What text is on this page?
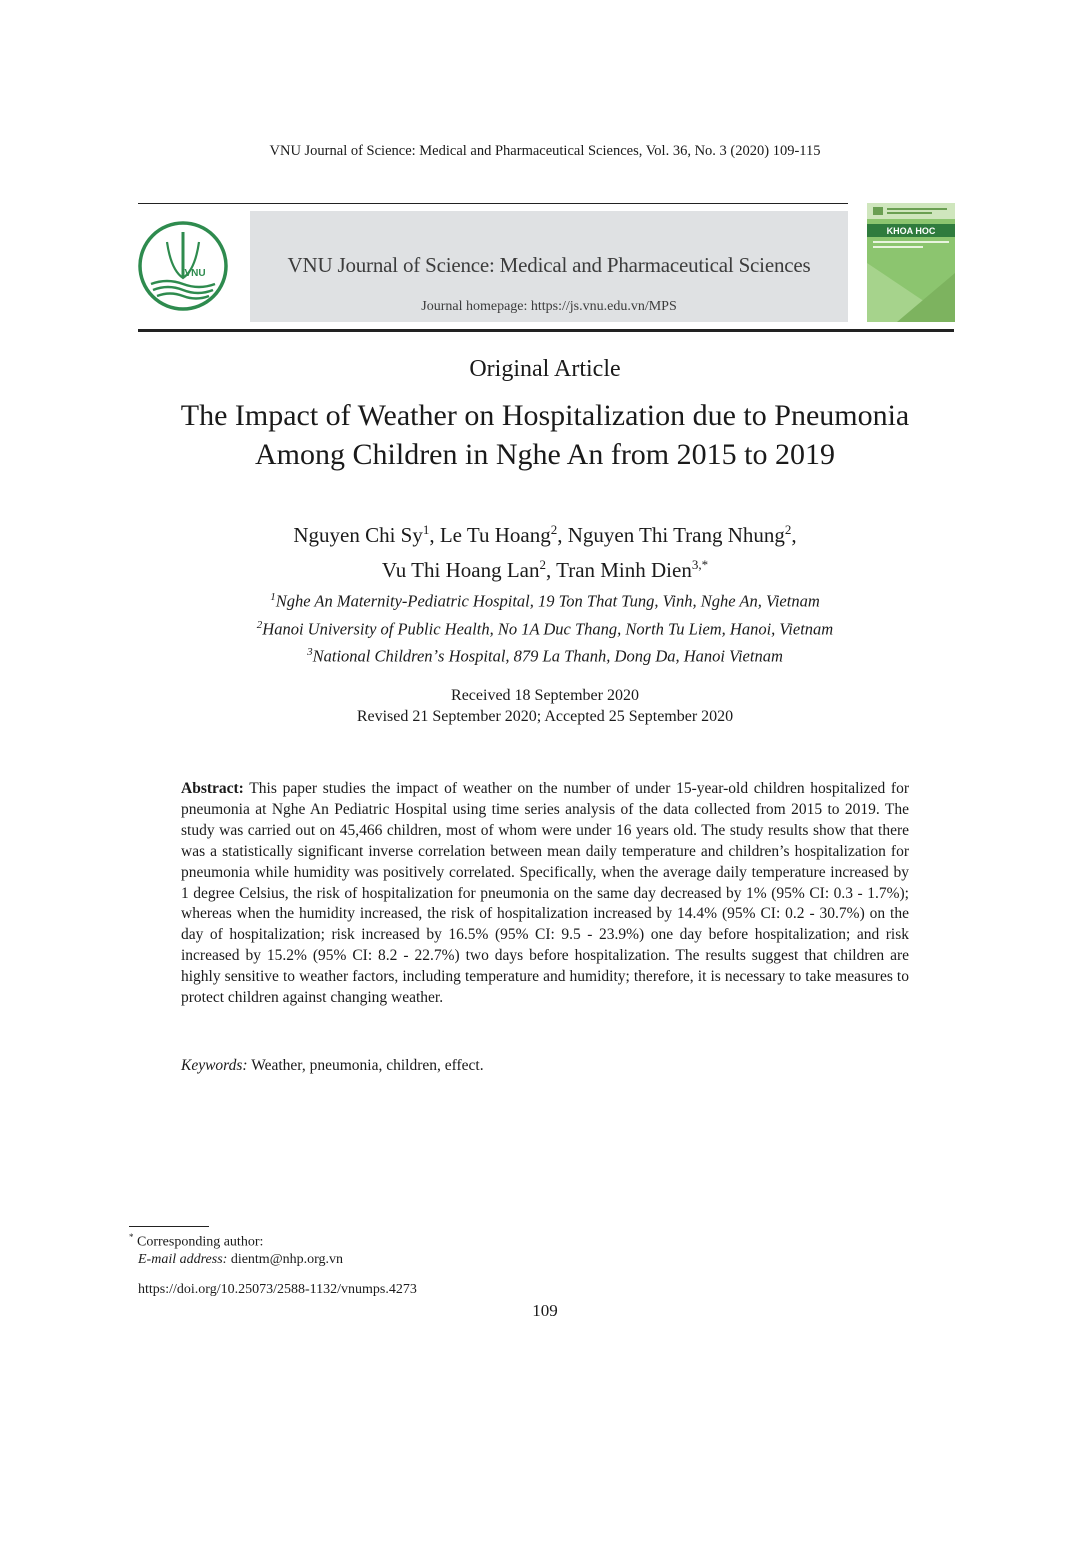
VNU Journal of Science: Medical and Pharmaceutical Sciences, Vol. 36, No. 3 (2020) 109-115
VNU	VNU Journal of Science: Medical and Pharmaceutical Sciences
Journal homepage: https://js.vnu.edu.vn/MPS
KHOA HOC
Original Article
The Impact of Weather on Hospitalization due to Pneumonia
Among Children in Nghe An from 2015 to 2019
Nguyen Chi Sy$^1$, Le Tu Hoang$^2$, Nguyen Thi Trang Nhung$^2$,
Vu Thi Hoang Lan$^2$, Tran Minh Dien$^{3,*}$
$^1$Nghe An Maternity-Pediatric Hospital, 19 Ton That Tung, Vinh, Nghe An, Vietnam
$^2$Hanoi University of Public Health, No 1A Duc Thang, North Tu Liem, Hanoi, Vietnam
$^3$National Childrenʼs Hospital, 879 La Thanh, Dong Da, Hanoi Vietnam
Received 18 September 2020
Revised 21 September 2020; Accepted 25 September 2020
Abstract: This paper studies the impact of weather on the number of under 15-year-old children hospitalized for pneumonia at Nghe An Pediatric Hospital using time series analysis of the data collected from 2015 to 2019. The study was carried out on 45,466 children, most of whom were under 16 years old. The study results show that there was a statistically significant inverse correlation between mean daily temperature and children’s hospitalization for pneumonia while humidity was positively correlated. Specifically, when the average daily temperature increased by 1 degree Celsius, the risk of hospitalization for pneumonia on the same day decreased by 1% (95% CI: 0.3 - 1.7%); whereas when the humidity increased, the risk of hospitalization increased by 14.4% (95% CI: 0.2 - 30.7%) on the day of hospitalization; risk increased by 16.5% (95% CI: 9.5 - 23.9%) one day before hospitalization; and risk increased by 15.2% (95% CI: 8.2 - 22.7%) two days before hospitalization. The results suggest that children are highly sensitive to weather factors, including temperature and humidity; therefore, it is necessary to take measures to protect children against changing weather.
Keywords: Weather, pneumonia, children, effect.
* Corresponding author:
E-mail address: dientm@nhp.org.vn
https://doi.org/10.25073/2588-1132/vnumps.4273
109
